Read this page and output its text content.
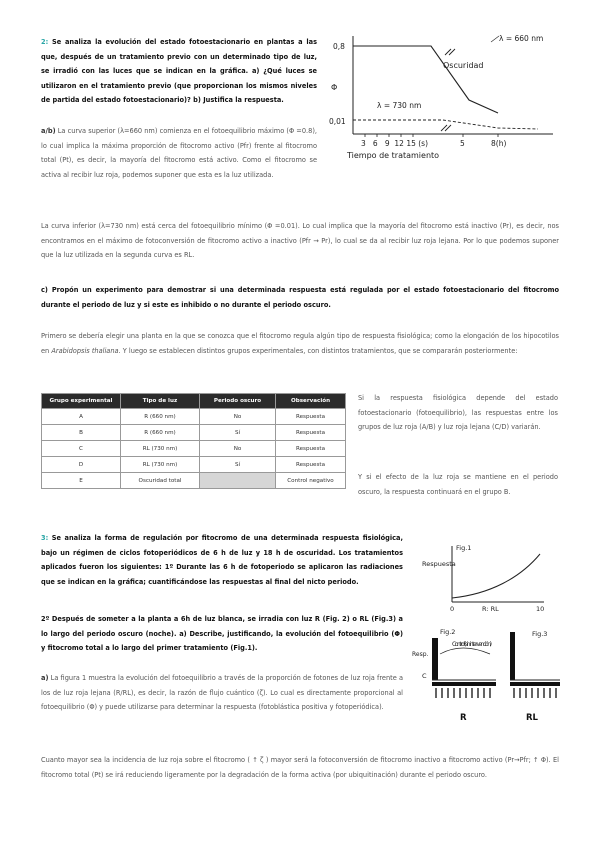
2: Se analiza la evolución del estado fotoestacionario en plantas a las que, después de un tratamiento previo con un determinado tipo de luz, se irradió con las luces que se indican en la gráfica. a) ¿Qué luces se utilizaron en el tratamiento previo (que proporcionan los mismos niveles de partida del estado fotoestacionario)? b) Justifica la respuesta.
a/b) La curva superior (λ=660 nm) comienza en el fotoequilibrio máximo (Φ =0.8), lo cual implica la máxima proporción de fitocromo activo (Pfr) frente al fitocromo total (Pt), es decir, la mayoría del fitocromo está activo. Como el fitocromo se activa al recibir luz roja, podemos suponer que esta es la luz utilizada.
Φ
0,8
0,01
λ = 660 nm
Oscuridad
λ = 730 nm
3   6   9  12 15 (s)	5	8(h)
Tiempo de tratamiento
La curva inferior (λ=730 nm) está cerca del fotoequilibrio mínimo (Φ =0.01). Lo cual implica que la mayoría del fitocromo está inactivo (Pr), es decir, nos encontramos en el máximo de fotoconversión de fitocromo activo a inactivo (Pfr → Pr), lo cual se da al recibir luz roja lejana. Por lo que podemos suponer que la luz utilizada en la segunda curva es RL.
c) Propón un experimento para demostrar si una determinada respuesta está regulada por el estado fotoestacionario del fitocromo durante el periodo de luz y si este es inhibido o no durante el periodo oscuro.
Primero se debería elegir una planta en la que se conozca que el fitocromo regula algún tipo de respuesta fisiológica; como la elongación de los hipocotilos en Arabidopsis thaliana. Y luego se establecen distintos grupos experimentales, con distintos tratamientos, que se compararán posteriormente:
Grupo experimental	Tipo de luz	Periodo oscuro	Observación
A	R (660 nm)	No	Respuesta
B	R (660 nm)	Sí	Respuesta
C	RL (730 nm)	No	Respuesta
D	RL (730 nm)	Sí	Respuesta
E	Oscuridad total		Control negativo
Si la respuesta fisiológica depende del estado fotoestacionario (fotoequilibrio), las respuestas entre los grupos de luz roja (A/B) y luz roja lejana (C/D) variarán.
Y si el efecto de la luz roja se mantiene en el periodo oscuro, la respuesta continuará en el grupo B.
3: Se analiza la forma de regulación por fitocromo de una determinada respuesta fisiológica, bajo un régimen de ciclos fotoperiódicos de 6 h de luz y 18 h de oscuridad. Los tratamientos aplicados fueron los siguientes: 1º Durante las 6 h de fotoperiodo se aplicaron las radiaciones que se indican en la gráfica; cuantificándose las respuestas al final del nicto periodo.
2º Después de someter a la planta a 6h de luz blanca, se irradia con luz R (Fig. 2) o RL (Fig.3) a lo largo del periodo oscuro (noche). a) Describe, justificando, la evolución del fotoequilibrio (Φ) y fitocromo total a lo largo del primer tratamiento (Fig.1).
a) La figura 1 muestra la evolución del fotoequilibrio a través de la proporción de fotones de luz roja frente a los de luz roja lejana (R/RL), es decir, la razón de flujo cuántico (ζ). Lo cual es directamente proporcional al fotoequilibrio (Φ) y puede utilizarse para determinar la respuesta (fotoblástica positiva y fotoperiódica).
Cuanto mayor sea la incidencia de luz roja sobre el fitocromo ( ↑ ζ ) mayor será la fotoconversión de fitocromo inactivo a fitocromo activo (Pr→Pfr; ↑ Φ). El fitocromo total (Pt) se irá reduciendo ligeramente por la degradación de la forma activa (por ubiquitinación) durante el periodo oscuro.
Fig.1
Respuesta
0	R: RL	10
Fig.2
Resp.
C
Control (sin intervención)
R
Fig.3
RL
